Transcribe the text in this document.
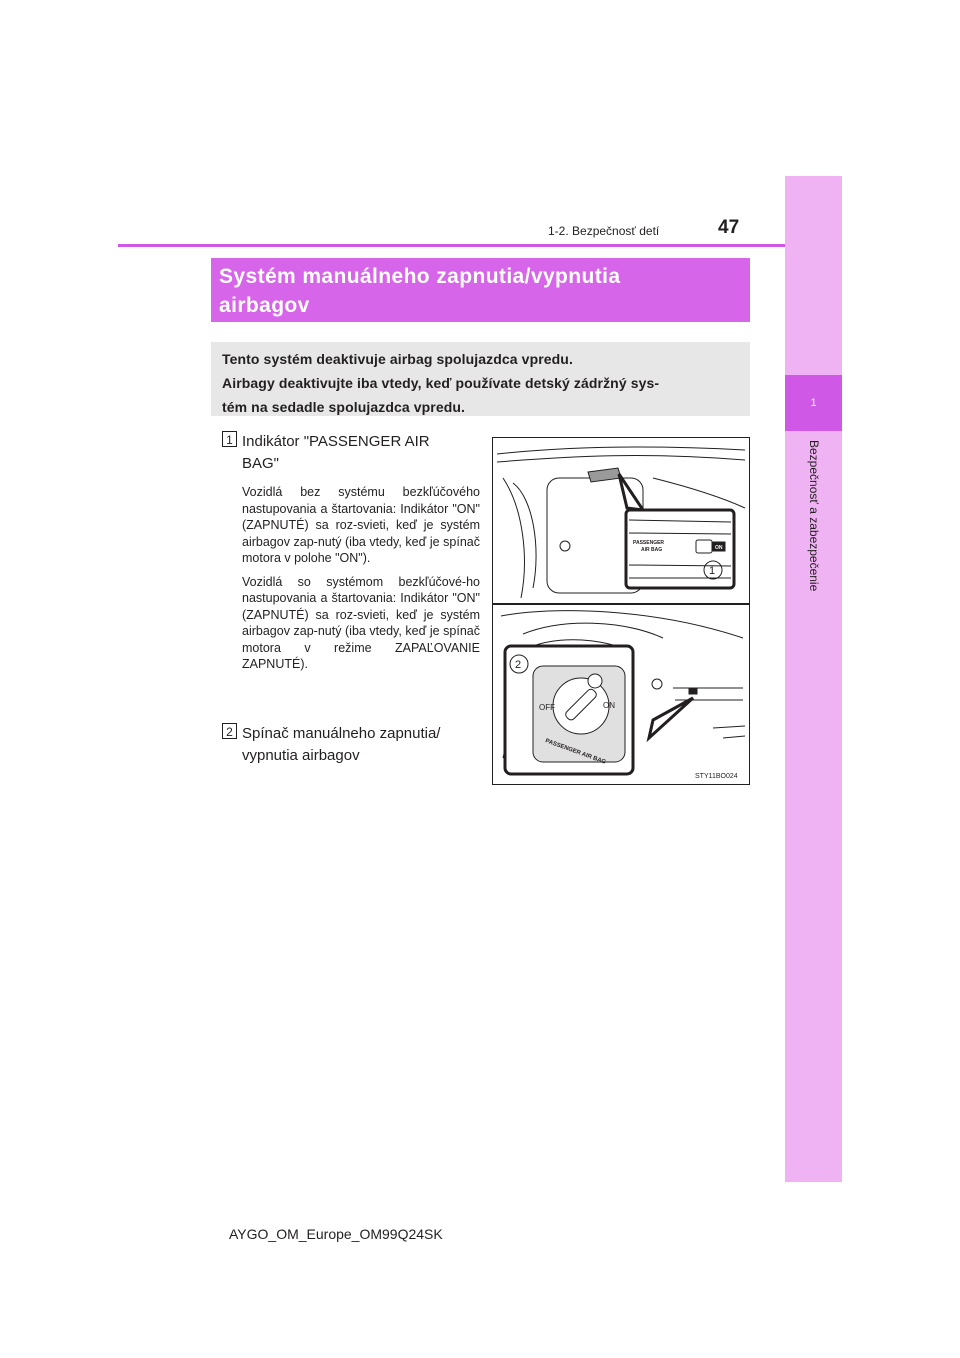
1
Bezpečnosť a zabezpečenie
1-2. Bezpečnosť detí	47
Systém manuálneho zapnutia/vypnutia
airbagov

Tento systém deaktivuje airbag spolujazdca vpredu.
Airbagy deaktivujte iba vtedy, keď používate detský zádržný sys-
tém na sedadle spolujazdca vpredu.

1 Indikátor "PASSENGER AIR
BAG"

Vozidlá bez systému bezkľúčového nastupovania a štartovania: Indikátor "ON" (ZAPNUTÉ) sa roz-svieti, keď je systém airbagov zap-nutý (iba vtedy, keď je spínač motora v polohe "ON").

Vozidlá so systémom bezkľúčové-ho nastupovania a štartovania: Indikátor "ON" (ZAPNUTÉ) sa roz-svieti, keď je systém airbagov zap-nutý (iba vtedy, keď je spínač motora v režime ZAPAĽOVANIE ZAPNUTÉ).

2 Spínač manuálneho zapnutia/
vypnutia airbagov
PASSENGER
AIR BAG	ON
1
2
OFF	ON
PASSENGER AIR BAG
STY11BO024
AYGO_OM_Europe_OM99Q24SK
